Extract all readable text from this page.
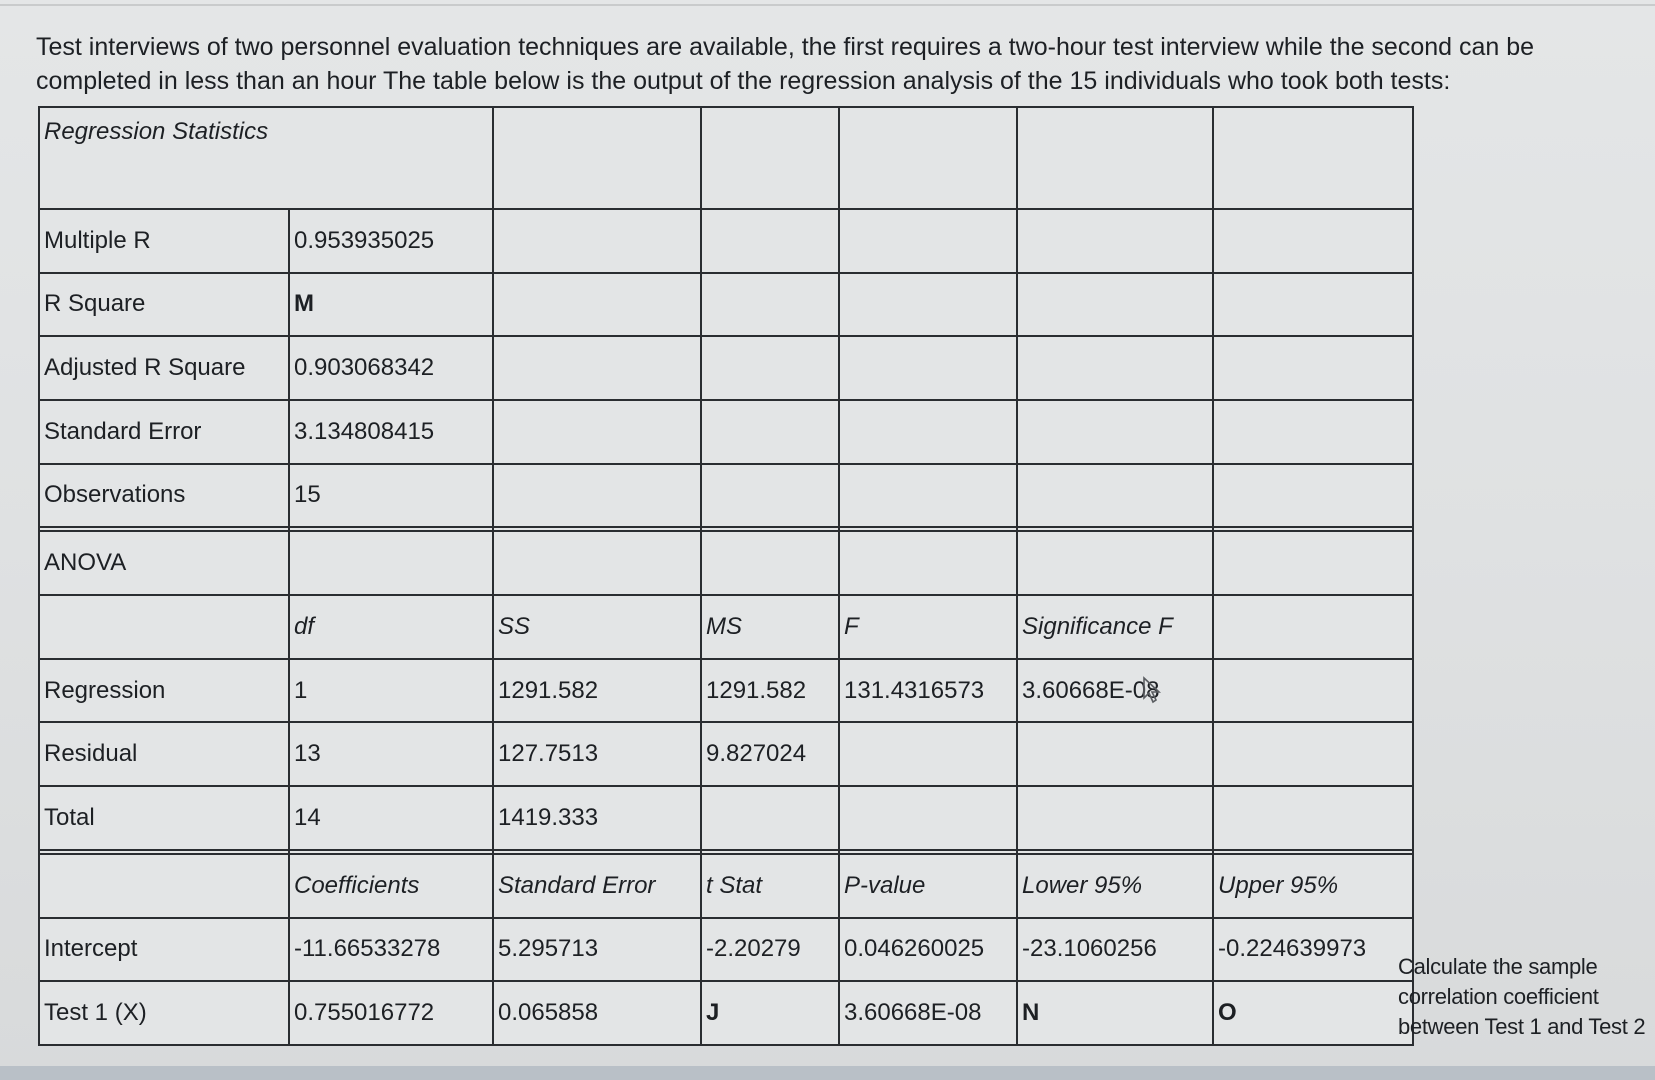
Test interviews of two personnel evaluation techniques are available, the first requires a two-hour test interview while the second can be completed in less than an hour The table below is the output of the regression analysis of the 15 individuals who took both tests:

Regression Statistics						
Multiple R	0.953935025					
R Square	M					
Adjusted R Square	0.903068342					
Standard Error	3.134808415					
Observations	15					

ANOVA						
	df	SS	MS	F	Significance F	
Regression	1	1291.582	1291.582	131.4316573	3.60668E-08	
Residual	13	127.7513	9.827024			
Total	14	1419.333				

	Coefficients	Standard Error	t Stat	P-value	Lower 95%	Upper 95%
Intercept	-11.66533278	5.295713	-2.20279	0.046260025	-23.1060256	-0.224639973
Test 1 (X)	0.755016772	0.065858	J	3.60668E-08	N	O

Calculate the sample correlation coefficient between Test 1 and Test 2
